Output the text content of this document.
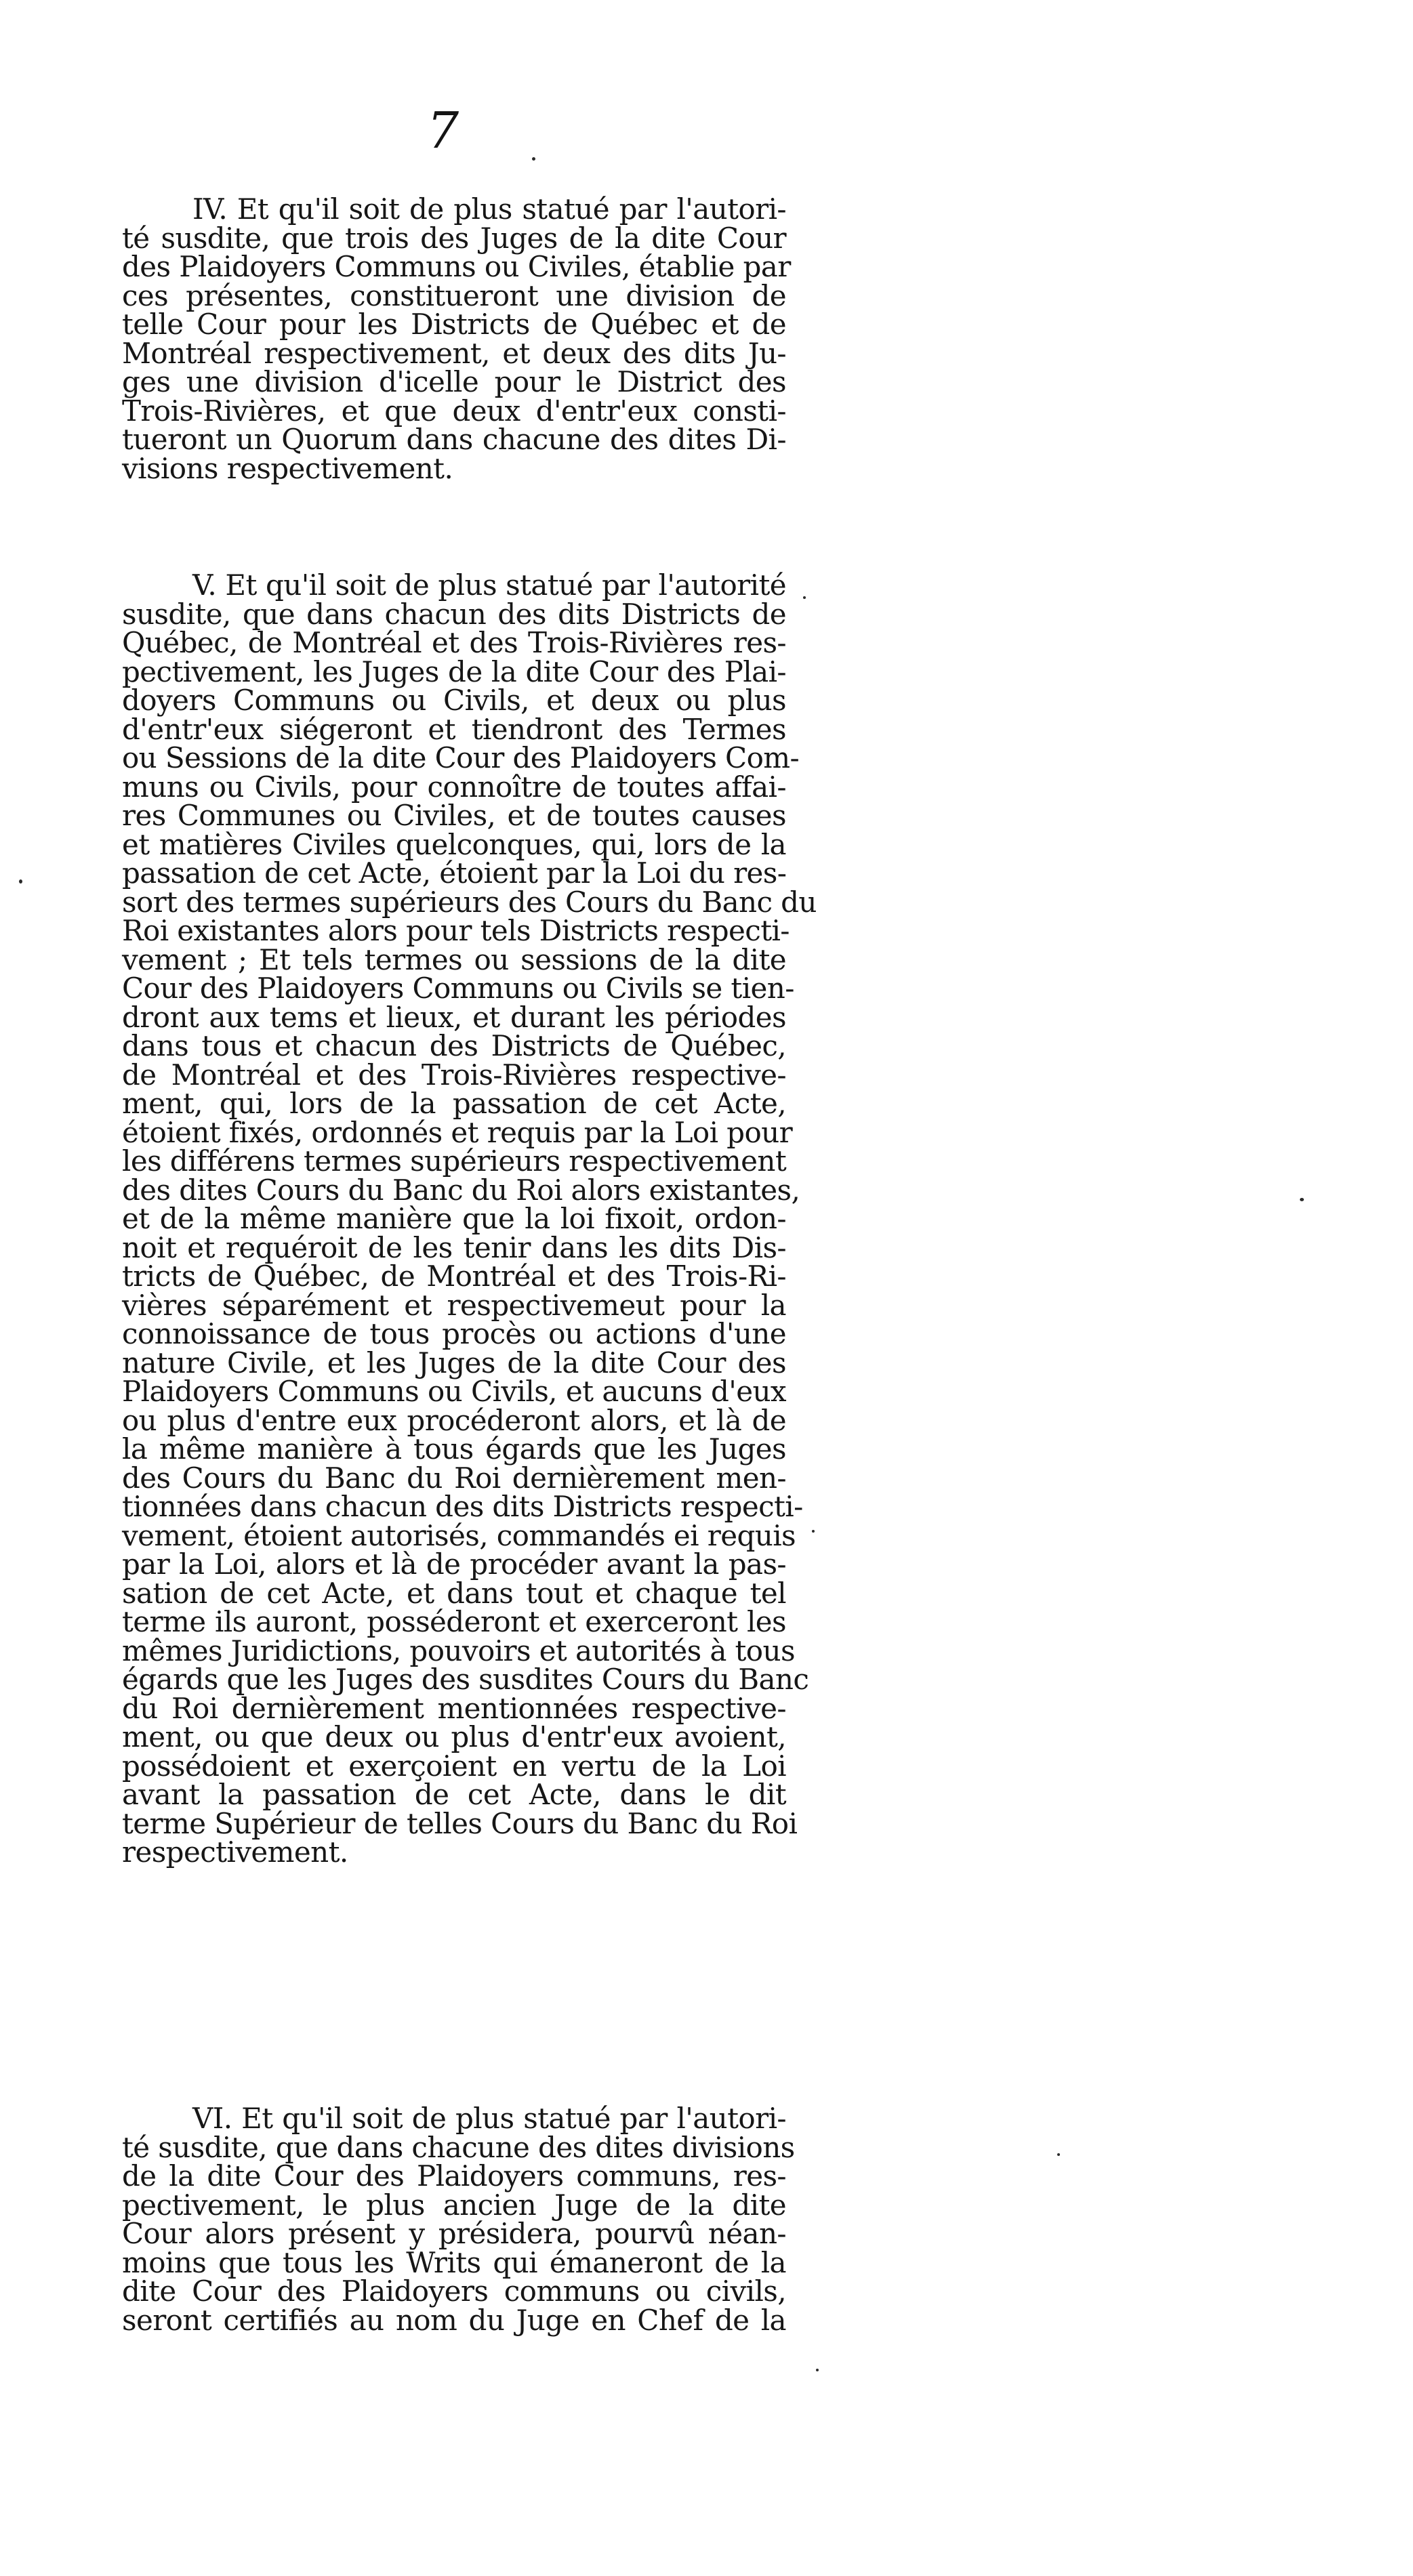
7
IV. Et qu'il soit de plus statué par l'autori-
té susdite, que trois des Juges de la dite Cour
des Plaidoyers Communs ou Civiles, établie par
ces présentes, constitueront une division de
telle Cour pour les Districts de Québec et de
Montréal respectivement, et deux des dits Ju-
ges une division d'icelle pour le District des
Trois-Rivières, et que deux d'entr'eux consti-
tueront un Quorum dans chacune des dites Di-
visions respectivement.
V. Et qu'il soit de plus statué par l'autorité
susdite, que dans chacun des dits Districts de
Québec, de Montréal et des Trois-Rivières res-
pectivement, les Juges de la dite Cour des Plai-
doyers Communs ou Civils, et deux ou plus
d'entr'eux siégeront et tiendront des Termes
ou Sessions de la dite Cour des Plaidoyers Com-
muns ou Civils, pour connoître de toutes affai-
res Communes ou Civiles, et de toutes causes
et matières Civiles quelconques, qui, lors de la
passation de cet Acte, étoient par la Loi du res-
sort des termes supérieurs des Cours du Banc du
Roi existantes alors pour tels Districts respecti-
vement ; Et tels termes ou sessions de la dite
Cour des Plaidoyers Communs ou Civils se tien-
dront aux tems et lieux, et durant les périodes
dans tous et chacun des Districts de Québec,
de Montréal et des Trois-Rivières respective-
ment, qui, lors de la passation de cet Acte,
étoient fixés, ordonnés et requis par la Loi pour
les différens termes supérieurs respectivement
des dites Cours du Banc du Roi alors existantes,
et de la même manière que la loi fixoit, ordon-
noit et requéroit de les tenir dans les dits Dis-
tricts de Québec, de Montréal et des Trois-Ri-
vières séparément et respectivemeut pour la
connoissance de tous procès ou actions d'une
nature Civile, et les Juges de la dite Cour des
Plaidoyers Communs ou Civils, et aucuns d'eux
ou plus d'entre eux procéderont alors, et là de
la même manière à tous égards que les Juges
des Cours du Banc du Roi dernièrement men-
tionnées dans chacun des dits Districts respecti-
vement, étoient autorisés, commandés ei requis
par la Loi, alors et là de procéder avant la pas-
sation de cet Acte, et dans tout et chaque tel
terme ils auront, posséderont et exerceront les
mêmes Juridictions, pouvoirs et autorités à tous
égards que les Juges des susdites Cours du Banc
du Roi dernièrement mentionnées respective-
ment, ou que deux ou plus d'entr'eux avoient,
possédoient et exerçoient en vertu de la Loi
avant la passation de cet Acte, dans le dit
terme Supérieur de telles Cours du Banc du Roi
respectivement.
VI. Et qu'il soit de plus statué par l'autori-
té susdite, que dans chacune des dites divisions
de la dite Cour des Plaidoyers communs, res-
pectivement, le plus ancien Juge de la dite
Cour alors présent y présidera, pourvû néan-
moins que tous les Writs qui émaneront de la
dite Cour des Plaidoyers communs ou civils,
seront certifiés au nom du Juge en Chef de la
